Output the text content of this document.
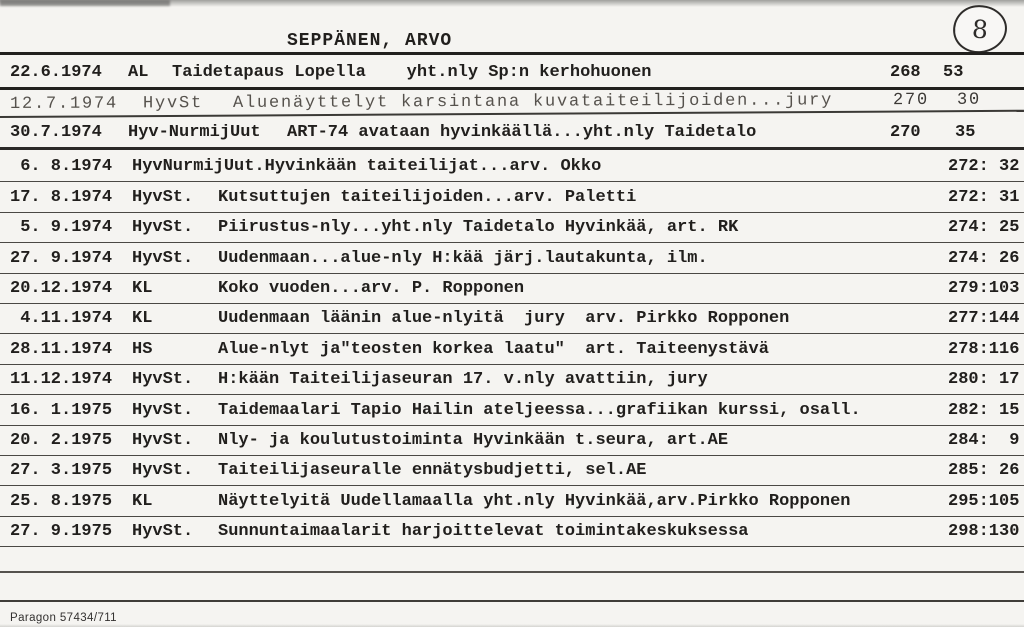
SEPPÄNEN, ARVO	8
22.6.1974	AL	Taidetapaus Lopella    yht.nly Sp:n kerhohuonen	268 53
12.7.1974	HyvSt	Aluenäyttelyt karsintana kuvataiteilijoiden...jury	270 30
30.7.1974	Hyv-NurmijUut	ART-74 avataan hyvinkäällä...yht.nly Taidetalo	270 35
6. 8.1974	HyvNurmijUut. Hyvinkään taiteilijat...arv. Okko	272: 32
17. 8.1974	HyvSt.	Kutsuttujen taiteilijoiden...arv. Paletti	272: 31
5. 9.1974	HyvSt.	Piirustus-nly...yht.nly Taidetalo Hyvinkää, art. RK	274: 25
27. 9.1974	HyvSt.	Uudenmaan...alue-nly H:kää järj.lautakunta, ilm.	274: 26
20.12.1974	KL	Koko vuoden...arv. P. Ropponen	279:103
4.11.1974	KL	Uudenmaan läänin alue-nlyitä  jury  arv. Pirkko Ropponen	277:144
28.11.1974	HS	Alue-nlyt ja"teosten korkea laatu"  art. Taiteenystävä	278:116
11.12.1974	HyvSt.	H:kään Taiteilijaseuran 17. v.nly avattiin, jury	280: 17
16. 1.1975	HyvSt.	Taidemaalari Tapio Hailin ateljeessa...grafiikan kurssi, osall.	282: 15
20. 2.1975	HyvSt.	Nly- ja koulutustoiminta Hyvinkään t.seura, art.AE	284:  9
27. 3.1975	HyvSt.	Taiteilijaseuralle ennätysbudjetti, sel.AE	285: 26
25. 8.1975	KL	Näyttelyitä Uudellamaalla yht.nly Hyvinkää,arv.Pirkko Ropponen	295:105
27. 9.1975	HyvSt.	Sunnuntaimaalarit harjoittelevat toimintakeskuksessa	298:130
Paragon 57434/711
